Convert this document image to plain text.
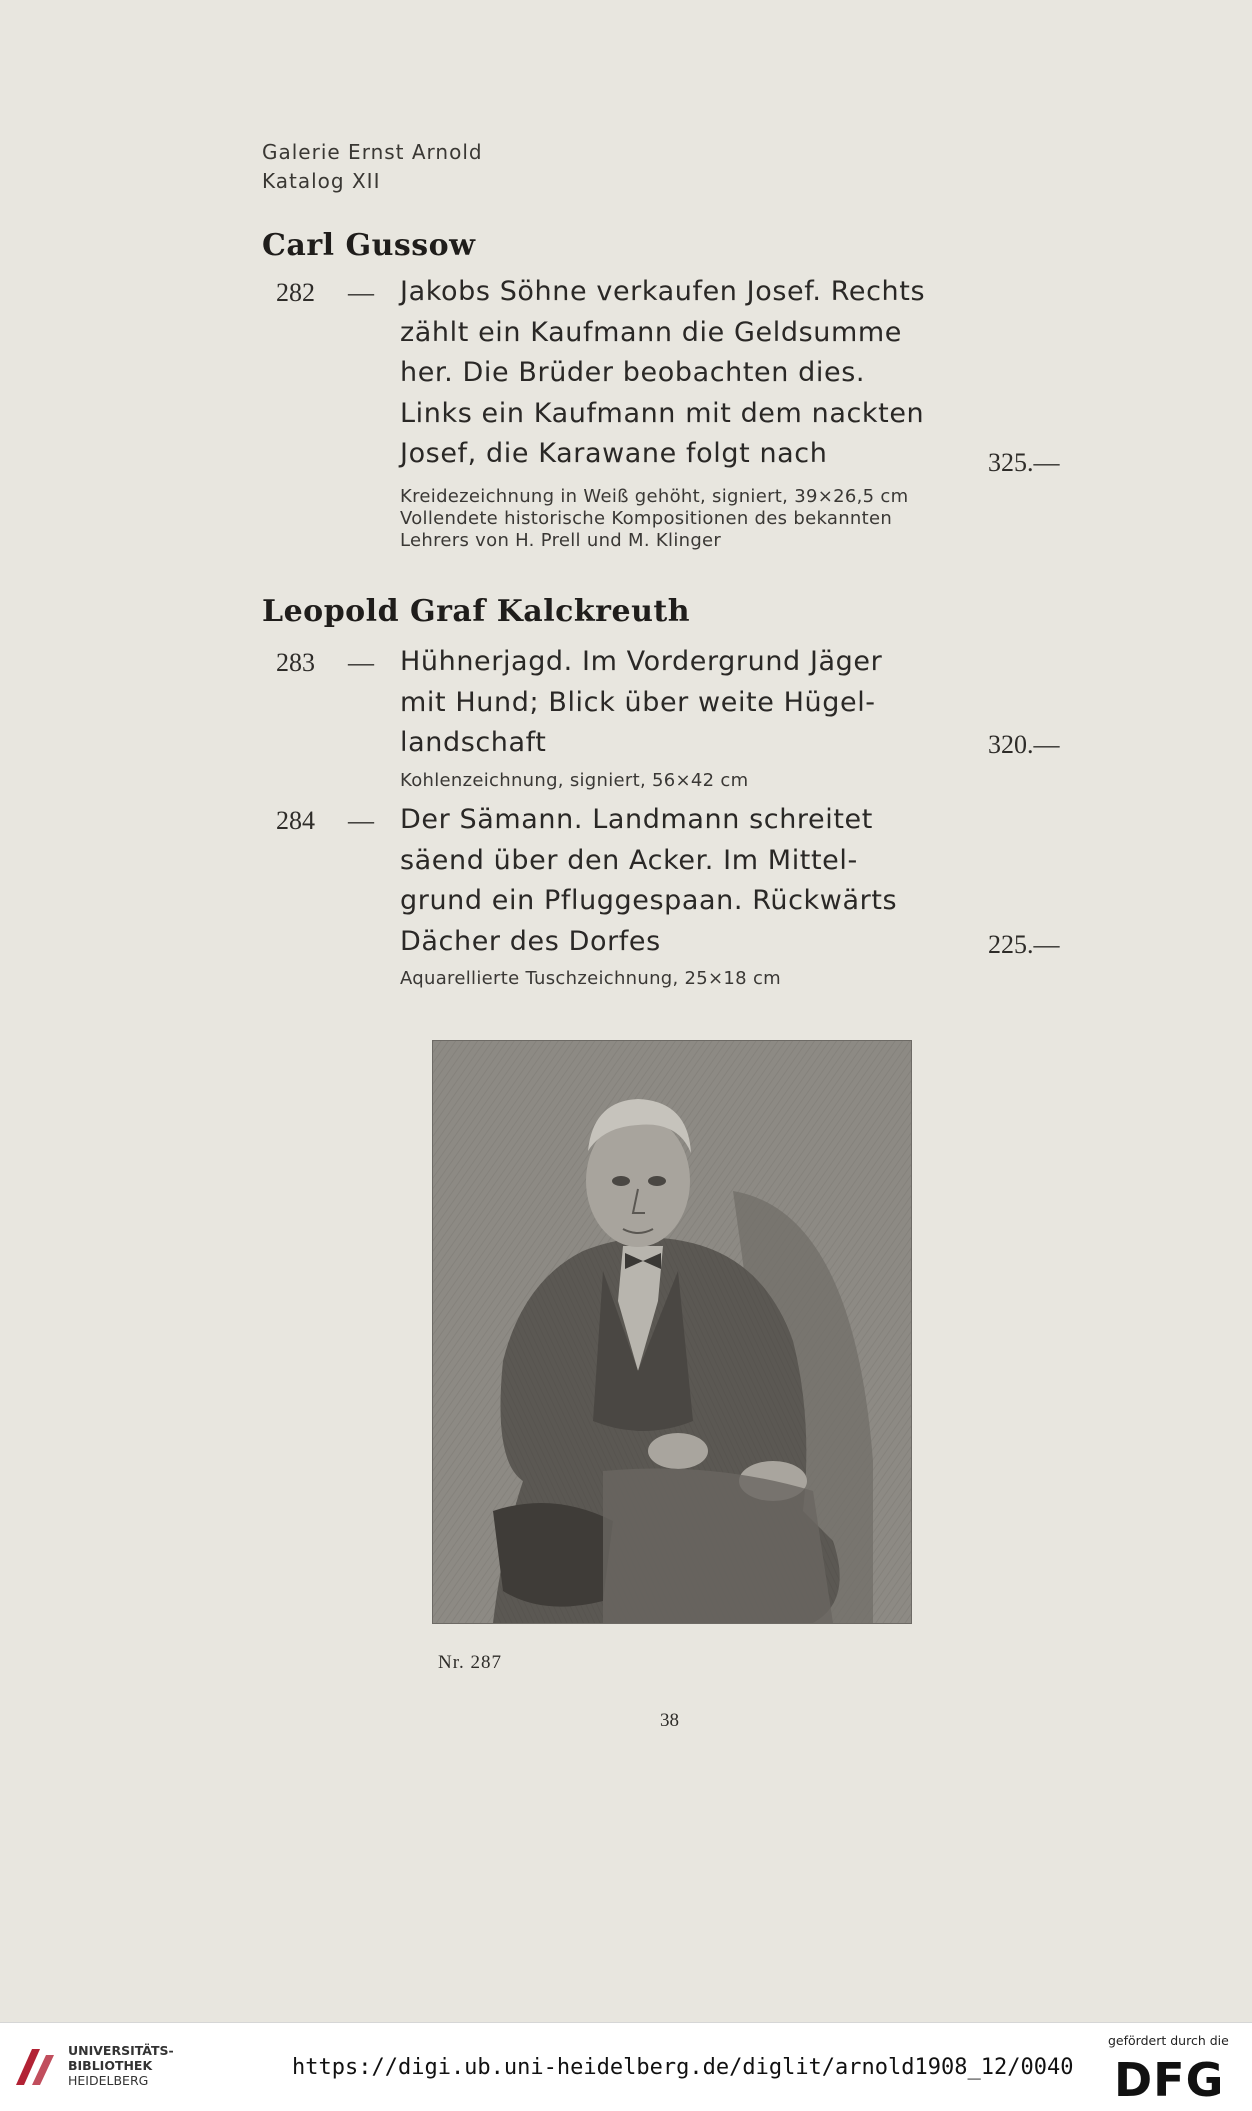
Galerie Ernst Arnold
Katalog XII
Carl Gussow
282 — Jakobs Söhne verkaufen Josef. Rechts
zählt ein Kaufmann die Geldsumme
her. Die Brüder beobachten dies.
Links ein Kaufmann mit dem nackten
Josef, die Karawane folgt nach	325.—
Kreidezeichnung in Weiß gehöht, signiert, 39×26,5 cm
Vollendete historische Kompositionen des bekannten
Lehrers von H. Prell und M. Klinger
Leopold Graf Kalckreuth
283 — Hühnerjagd. Im Vordergrund Jäger
mit Hund; Blick über weite Hügel-
landschaft	320.—
Kohlenzeichnung, signiert, 56×42 cm
284 — Der Sämann. Landmann schreitet
säend über den Acker. Im Mittel-
grund ein Pfluggespaan. Rückwärts
Dächer des Dorfes	225.—
Aquarellierte Tuschzeichnung, 25×18 cm
Nr. 287
38
UNIVERSITÄTS-
BIBLIOTHEK
HEIDELBERG
https://digi.ub.uni-heidelberg.de/diglit/arnold1908_12/0040
gefördert durch die
DFG
